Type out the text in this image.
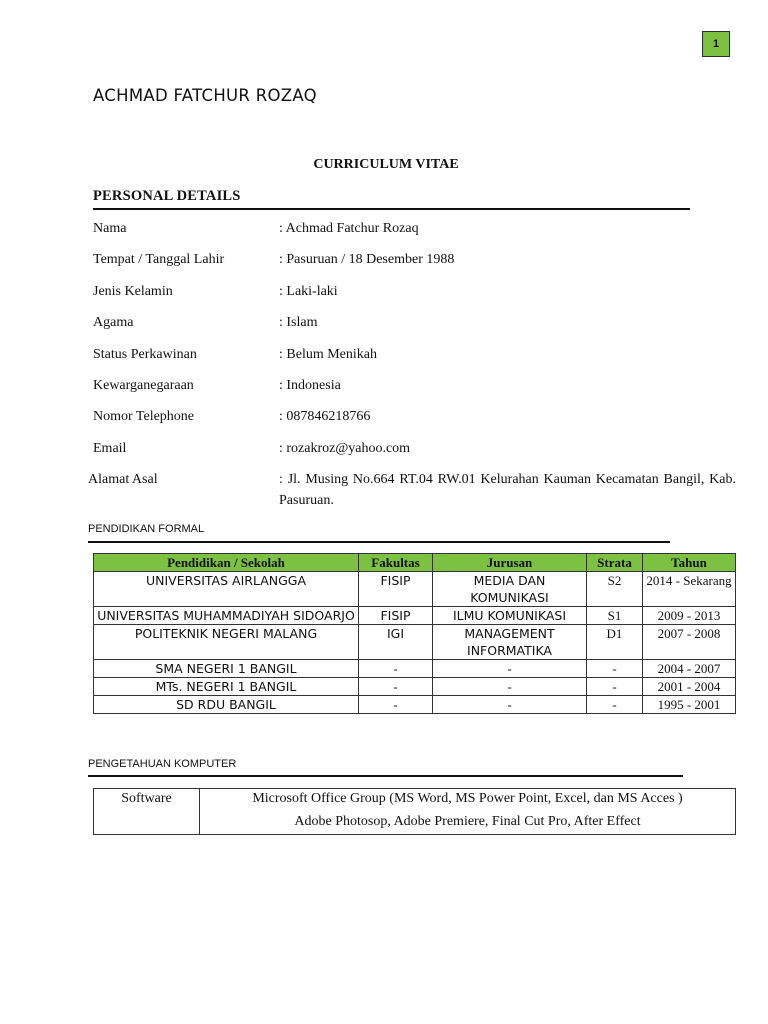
1
ACHMAD FATCHUR ROZAQ
CURRICULUM VITAE
PERSONAL DETAILS
Nama	: Achmad Fatchur Rozaq
Tempat / Tanggal Lahir	: Pasuruan / 18 Desember 1988
Jenis Kelamin	: Laki-laki
Agama	: Islam
Status Perkawinan	: Belum Menikah
Kewarganegaraan	: Indonesia
Nomor Telephone	: 087846218766
Email	: rozakroz@yahoo.com
Alamat Asal	: Jl. Musing No.664 RT.04 RW.01 Kelurahan Kauman Kecamatan Bangil, Kab. Pasuruan.
PENDIDIKAN FORMAL
Pendidikan / Sekolah	Fakultas	Jurusan	Strata	Tahun
UNIVERSITAS AIRLANGGA	FISIP	MEDIA DAN KOMUNIKASI	S2	2014 - Sekarang
UNIVERSITAS MUHAMMADIYAH SIDOARJO	FISIP	ILMU KOMUNIKASI	S1	2009 - 2013
POLITEKNIK NEGERI MALANG	IGI	MANAGEMENT INFORMATIKA	D1	2007 - 2008
SMA NEGERI 1 BANGIL	-	-	-	2004 - 2007
MTs. NEGERI 1 BANGIL	-	-	-	2001 - 2004
SD RDU BANGIL	-	-	-	1995 - 2001
PENGETAHUAN KOMPUTER
Software	Microsoft Office Group (MS Word, MS Power Point, Excel, dan MS Acces )
Adobe Photosop, Adobe Premiere, Final Cut Pro, After Effect
